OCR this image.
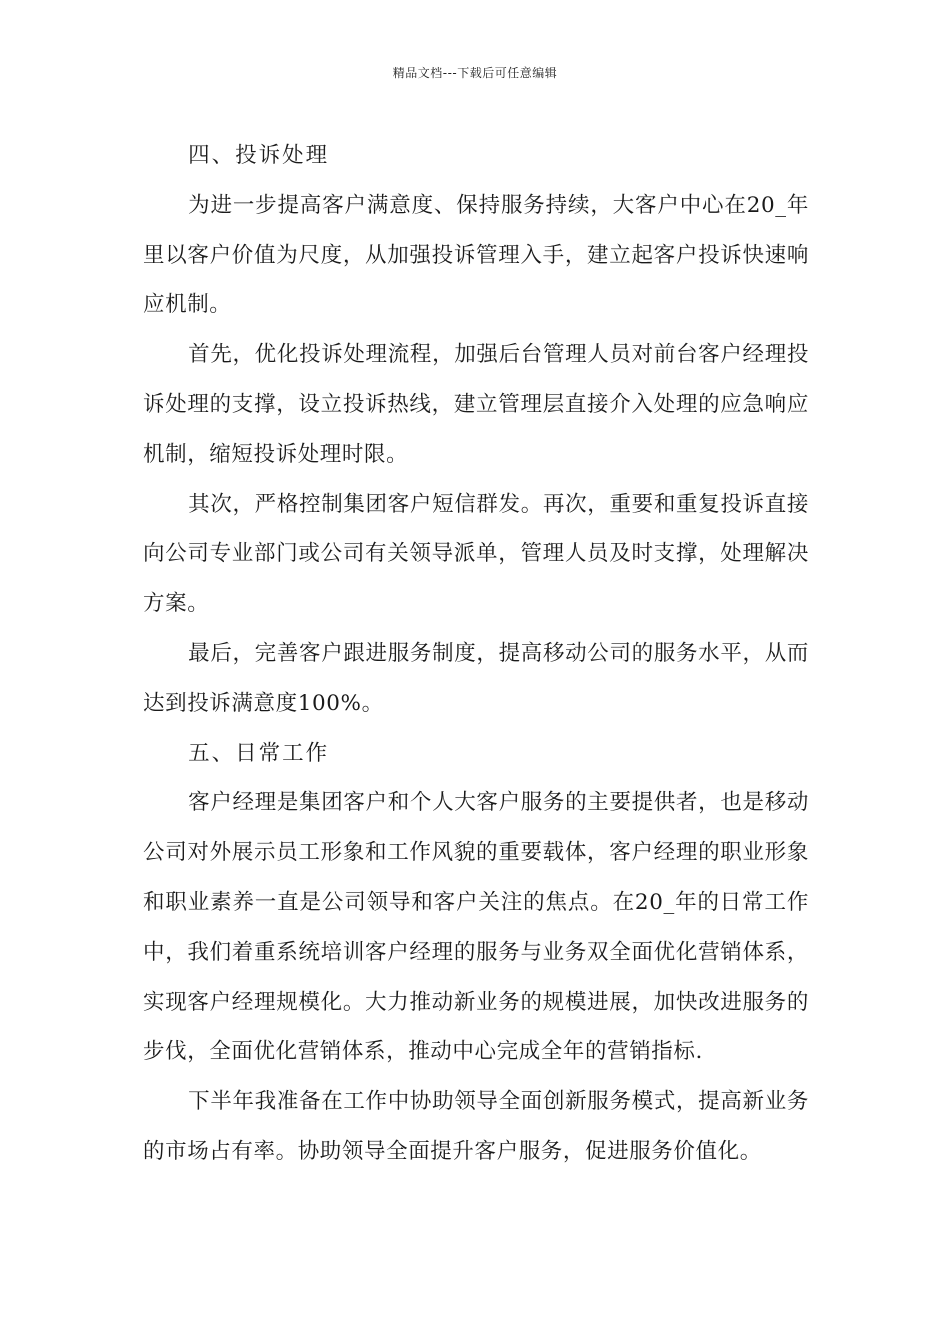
精品文档---下载后可任意编辑

四、投诉处理

为进一步提高客户满意度、保持服务持续，大客户中心在20_年里以客户价值为尺度，从加强投诉管理入手，建立起客户投诉快速响应机制。

首先，优化投诉处理流程，加强后台管理人员对前台客户经理投诉处理的支撑，设立投诉热线，建立管理层直接介入处理的应急响应机制，缩短投诉处理时限。

其次，严格控制集团客户短信群发。再次，重要和重复投诉直接向公司专业部门或公司有关领导派单，管理人员及时支撑，处理解决方案。

最后，完善客户跟进服务制度，提高移动公司的服务水平，从而达到投诉满意度100%。

五、日常工作

客户经理是集团客户和个人大客户服务的主要提供者，也是移动公司对外展示员工形象和工作风貌的重要载体，客户经理的职业形象和职业素养一直是公司领导和客户关注的焦点。在20_年的日常工作中，我们着重系统培训客户经理的服务与业务双全面优化营销体系，实现客户经理规模化。大力推动新业务的规模进展，加快改进服务的步伐，全面优化营销体系，推动中心完成全年的营销指标.

下半年我准备在工作中协助领导全面创新服务模式，提高新业务的市场占有率。协助领导全面提升客户服务，促进服务价值化。
